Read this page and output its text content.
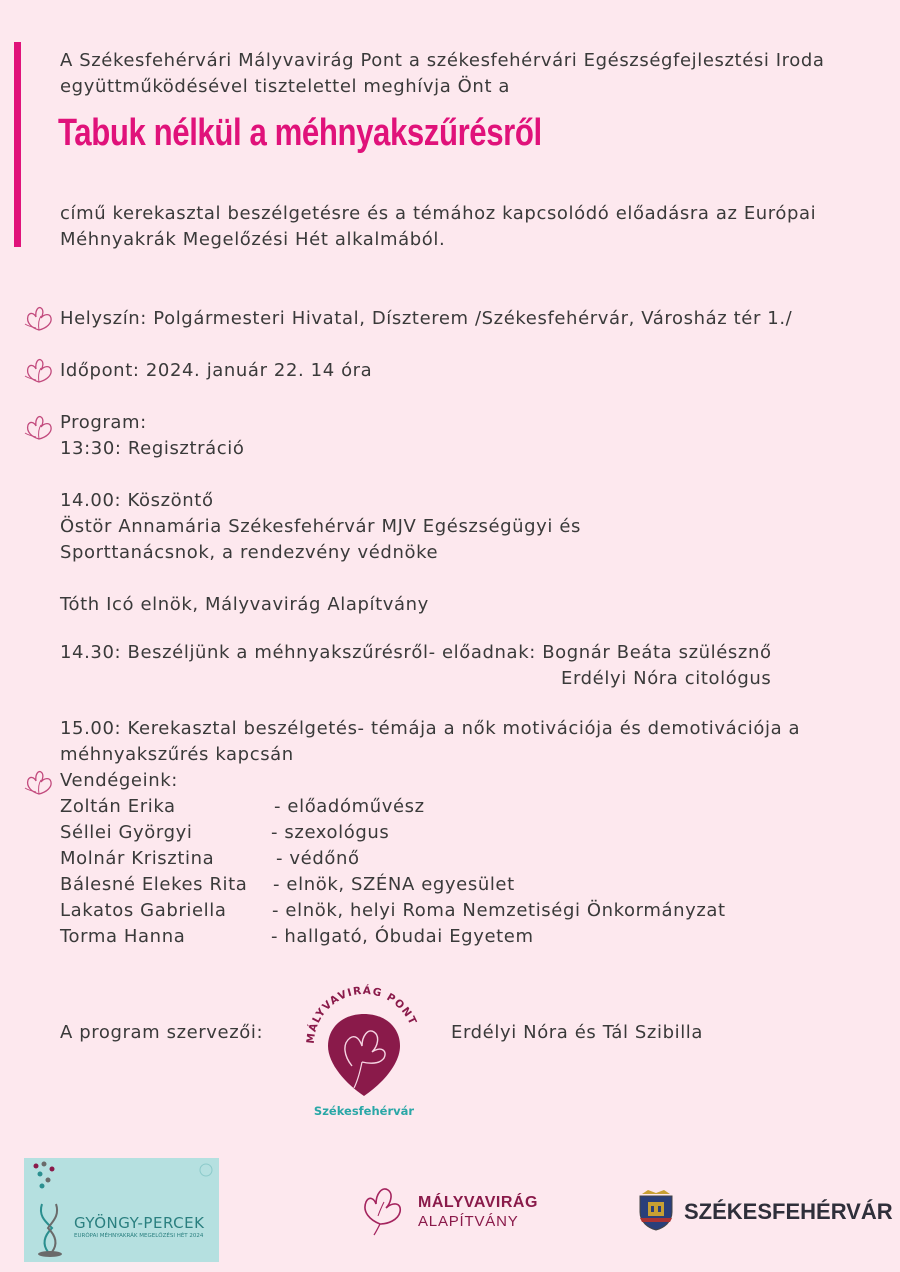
A Székesfehérvári Mályvavirág Pont a székesfehérvári Egészségfejlesztési Iroda
együttműködésével tisztelettel meghívja Önt a
Tabuk nélkül a méhnyakszűrésről
című kerekasztal beszélgetésre és a témához kapcsolódó előadásra az Európai
Méhnyakrák Megelőzési Hét alkalmából.
Helyszín: Polgármesteri Hivatal, Díszterem /Székesfehérvár, Városház tér 1./
Időpont: 2024. január 22. 14 óra
Program:
13:30: Regisztráció
14.00: Köszöntő
Östör Annamária Székesfehérvár MJV Egészségügyi és
Sporttanácsnok, a rendezvény védnöke
Tóth Icó elnök, Mályvavirág Alapítvány
14.30: Beszéljünk a méhnyakszűrésről- előadnak: Bognár Beáta szülésznő
Erdélyi Nóra citológus
15.00: Kerekasztal beszélgetés- témája a nők motivációja és demotivációja a
méhnyakszűrés kapcsán
Vendégeink:
Zoltán Erika	- előadóművész
Séllei Györgyi	- szexológus
Molnár Krisztina	- védőnő
Bálesné Elekes Rita - elnök, SZÉNA egyesület
Lakatos Gabriella	- elnök, helyi Roma Nemzetiségi Önkormányzat
Torma Hanna	- hallgató, Óbudai Egyetem
A program szervezői:	Erdélyi Nóra és Tál Szibilla
MÁLYVAVIRÁG PONT
Székesfehérvár
GYÖNGY-PERCEK
EURÓPAI MÉHNYAKRÁK MEGELŐZÉSI HÉT 2024
MÁLYVAVIRÁG
ALAPÍTVÁNY	SZÉKESFEHÉRVÁR
